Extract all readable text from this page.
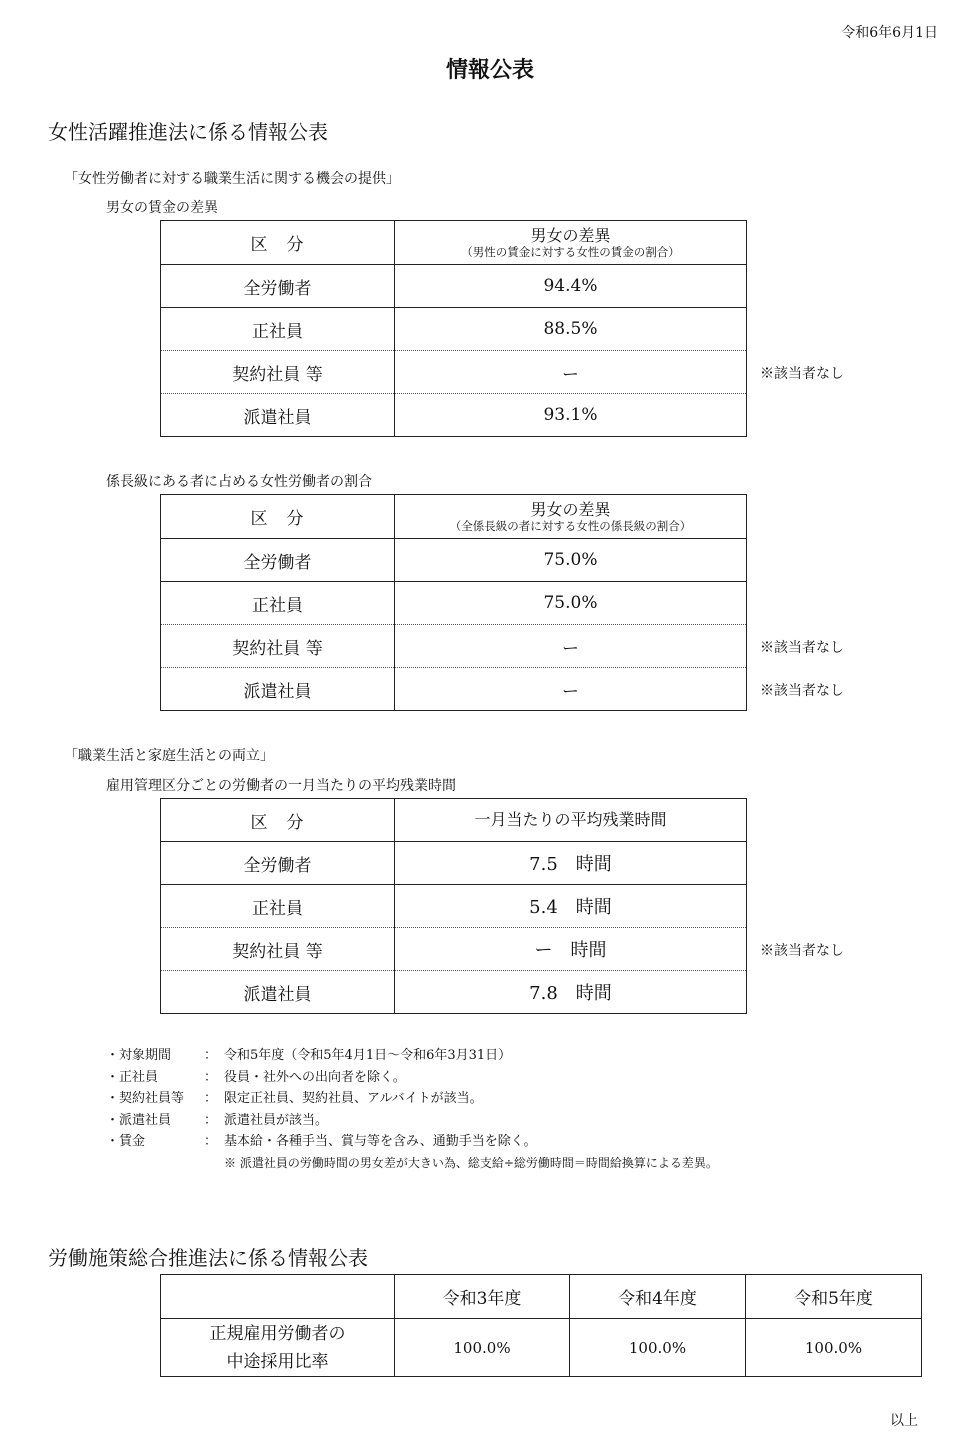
令和6年6月1日
情報公表
女性活躍推進法に係る情報公表
「女性労働者に対する職業生活に関する機会の提供」
男女の賃金の差異
区　分	男女の差異
（男性の賃金に対する女性の賃金の割合）

全労働者	94.4%
正社員	88.5%
契約社員 等	ー
派遣社員	93.1%
※該当者なし
係長級にある者に占める女性労働者の割合
区　分	男女の差異
（全係長級の者に対する女性の係長級の割合）

全労働者	75.0%
正社員	75.0%
契約社員 等	ー
派遣社員	ー
※該当者なし
※該当者なし
「職業生活と家庭生活との両立」
雇用管理区分ごとの労働者の一月当たりの平均残業時間
区　分	一月当たりの平均残業時間
全労働者	7.5　時間
正社員	5.4　時間
契約社員 等	ー　時間
派遣社員	7.8　時間
※該当者なし
・対象期間	： 令和5年度（令和5年4月1日～令和6年3月31日）
・正社員	： 役員・社外への出向者を除く。
・契約社員等	： 限定正社員、契約社員、アルバイトが該当。
・派遣社員	： 派遣社員が該当。
・賃金	： 基本給・各種手当、賞与等を含み、通勤手当を除く。
※ 派遣社員の労働時間の男女差が大きい為、総支給÷総労働時間＝時間給換算による差異。
労働施策総合推進法に係る情報公表
	令和3年度	令和4年度	令和5年度

正規雇用労働者の
中途採用比率	100.0%	100.0%	100.0%
以上
